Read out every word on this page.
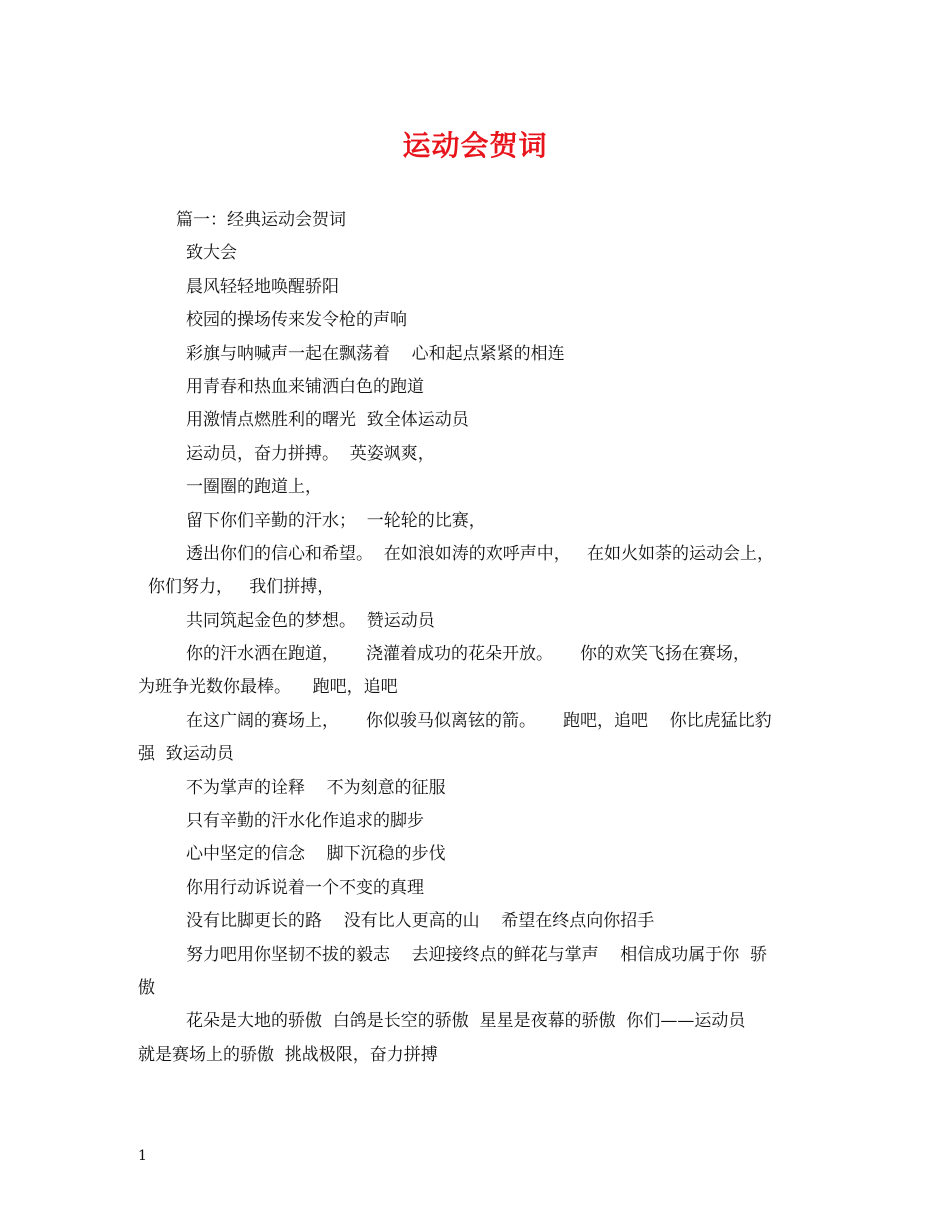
运动会贺词

篇一：经典运动会贺词

致大会

晨风轻轻地唤醒骄阳

校园的操场传来发令枪的声响

彩旗与呐喊声一起在飘荡着    心和起点紧紧的相连

用青春和热血来铺洒白色的跑道

用激情点燃胜利的曙光  致全体运动员

运动员，奋力拼搏。  英姿飒爽，

一圈圈的跑道上，

留下你们辛勤的汗水；  一轮轮的比赛，

透出你们的信心和希望。  在如浪如涛的欢呼声中，   在如火如荼的运动会上，

你们努力，   我们拼搏，

共同筑起金色的梦想。  赞运动员

你的汗水洒在跑道，     浇灌着成功的花朵开放。     你的欢笑飞扬在赛场，

为班争光数你最棒。    跑吧，追吧

在这广阔的赛场上，     你似骏马似离铉的箭。     跑吧，追吧    你比虎猛比豹

强  致运动员

不为掌声的诠释    不为刻意的征服

只有辛勤的汗水化作追求的脚步

心中坚定的信念    脚下沉稳的步伐

你用行动诉说着一个不变的真理

没有比脚更长的路    没有比人更高的山    希望在终点向你招手

努力吧用你坚韧不拔的毅志    去迎接终点的鲜花与掌声    相信成功属于你  骄

傲

花朵是大地的骄傲  白鸽是长空的骄傲  星星是夜幕的骄傲  你们——运动员

就是赛场上的骄傲  挑战极限，奋力拼搏

1
